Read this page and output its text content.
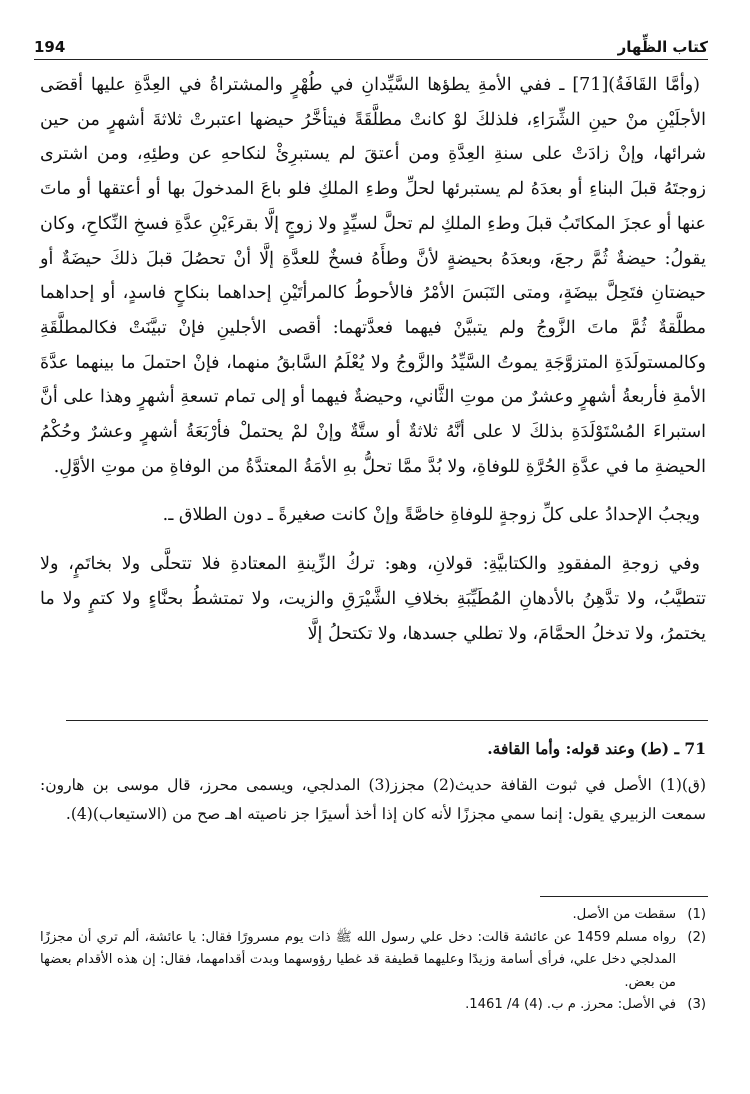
194	كتاب الظِّهار

(وأمَّا القَافَةُ)[71] ـ ففي الأمةِ يطؤها السَّيِّدانِ في طُهْرٍ والمشتراةُ في العِدَّةِ عليها أقصَى الأجلَيْنِ منْ حينِ الشِّرَاءِ، فلذلكَ لوْ كانتْ مطلَّقَةً فيتأخَّرُ حيضها اعتبرتْ ثلاثةَ أشهرٍ من حين شرائها، وإنْ زادَتْ على سنةِ العِدَّةِ ومن أعتقَ لم يستبرِئْ لنكاحهِ عن وطئِهِ، ومن اشترى زوجتَهُ قبلَ البناءِ أو بعدَهُ لم يستبرئها لحلِّ وطءِ الملكِ فلو باعَ المدخولَ بها أو أعتقها أو ماتَ عنها أو عجزَ المكاتَبُ قبلَ وطءِ الملكِ لم تحلَّ لسيِّدٍ ولا زوجٍ إلَّا بقرءَيْنِ عدَّةِ فسخِ النِّكاحِ، وكان يقولُ: حيضةٌ ثُمَّ رجعَ، وبعدَهُ بحيضةٍ لأنَّ وطأَهُ فسخٌ للعدَّةِ إلَّا أنْ تحصُلَ قبلَ ذلكَ حيضَةٌ أو حيضتانِ فتَحِلَّ بيضَةٍ، ومتى التَبَسَ الأمْرُ فالأحوطُ كالمرأتَيْنِ إحداهما بنكاحٍ فاسدٍ، أو إحداهما مطلَّقةٌ ثُمَّ ماتَ الزَّوجُ ولم يتبيَّنْ فيهما فعدَّتهما: أقصى الأجلينِ فإنْ تبيَّنَتْ فكالمطلَّقَةِ وكالمستولَدَةِ المتزوَّجَةِ يموتُ السَّيِّدُ والزَّوجُ ولا يُعْلَمُ السَّابقُ منهما، فإنْ احتملَ ما بينهما عدَّةَ الأمةِ فأربعةُ أشهرٍ وعشرٌ من موتِ الثَّاني، وحيضةٌ فيهما أو إلى تمام تسعةِ أشهرٍ وهذا على أنَّ استبراءَ المُسْتَوْلَدَةِ بذلكَ لا على أنَّهُ ثلاثةٌ أو ستَّةٌ وإنْ لمْ يحتملْ فأرْبَعَةُ أشهرٍ وعشرٌ وحُكْمُ الحيضةِ ما في عدَّةِ الحُرَّةِ للوفاةِ، ولا بُدَّ ممَّا تحلُّ بهِ الأمَةُ المعتدَّةُ من الوفاةِ من موتِ الأوَّلِ.

ويجبُ الإحدادُ على كلِّ زوجةٍ للوفاةِ خاصَّةً وإنْ كانت صغيرةً ـ دون الطلاق ـ.

وفي زوجةِ المفقودِ والكتابيَّةِ: قولانِ، وهو: تركُ الزِّينةِ المعتادةِ فلا تتحلَّى ولا بخاتَمٍ، ولا تتطيَّبُ، ولا تدَّهِنُ بالأدهانِ المُطَيِّبَةِ بخلافِ الشَّيْرَقِ والزيت، ولا تمتشطُ بحنَّاءٍ ولا كتمٍ ولا ما يختمرُ، ولا تدخلُ الحمَّامَ، ولا تطلي جسدها، ولا تكتحلُ إلَّا

71 ـ (ط) وعند قوله: وأما القافة.

(ق)(1) الأصل في ثبوت القافة حديث(2) مجزز(3) المدلجي، ويسمى محرز، قال موسى بن هارون: سمعت الزبيري يقول: إنما سمي مجززًا لأنه كان إذا أخذ أسيرًا جز ناصيته اهـ صح من (الاستيعاب)(4).

(1)
سقطت من الأصل.
(2)
رواه مسلم 1459 عن عائشة قالت: دخل علي رسول الله ﷺ ذات يوم مسرورًا فقال: يا عائشة، ألم تري أن مجززًا المدلجي دخل علي، فرأى أسامة وزيدًا وعليهما قطيفة قد غطيا رؤوسهما وبدت أقدامهما، فقال: إن هذه الأقدام بعضها من بعض.
(3)
في الأصل: محرز. م ب. (4) 4/ 1461.
